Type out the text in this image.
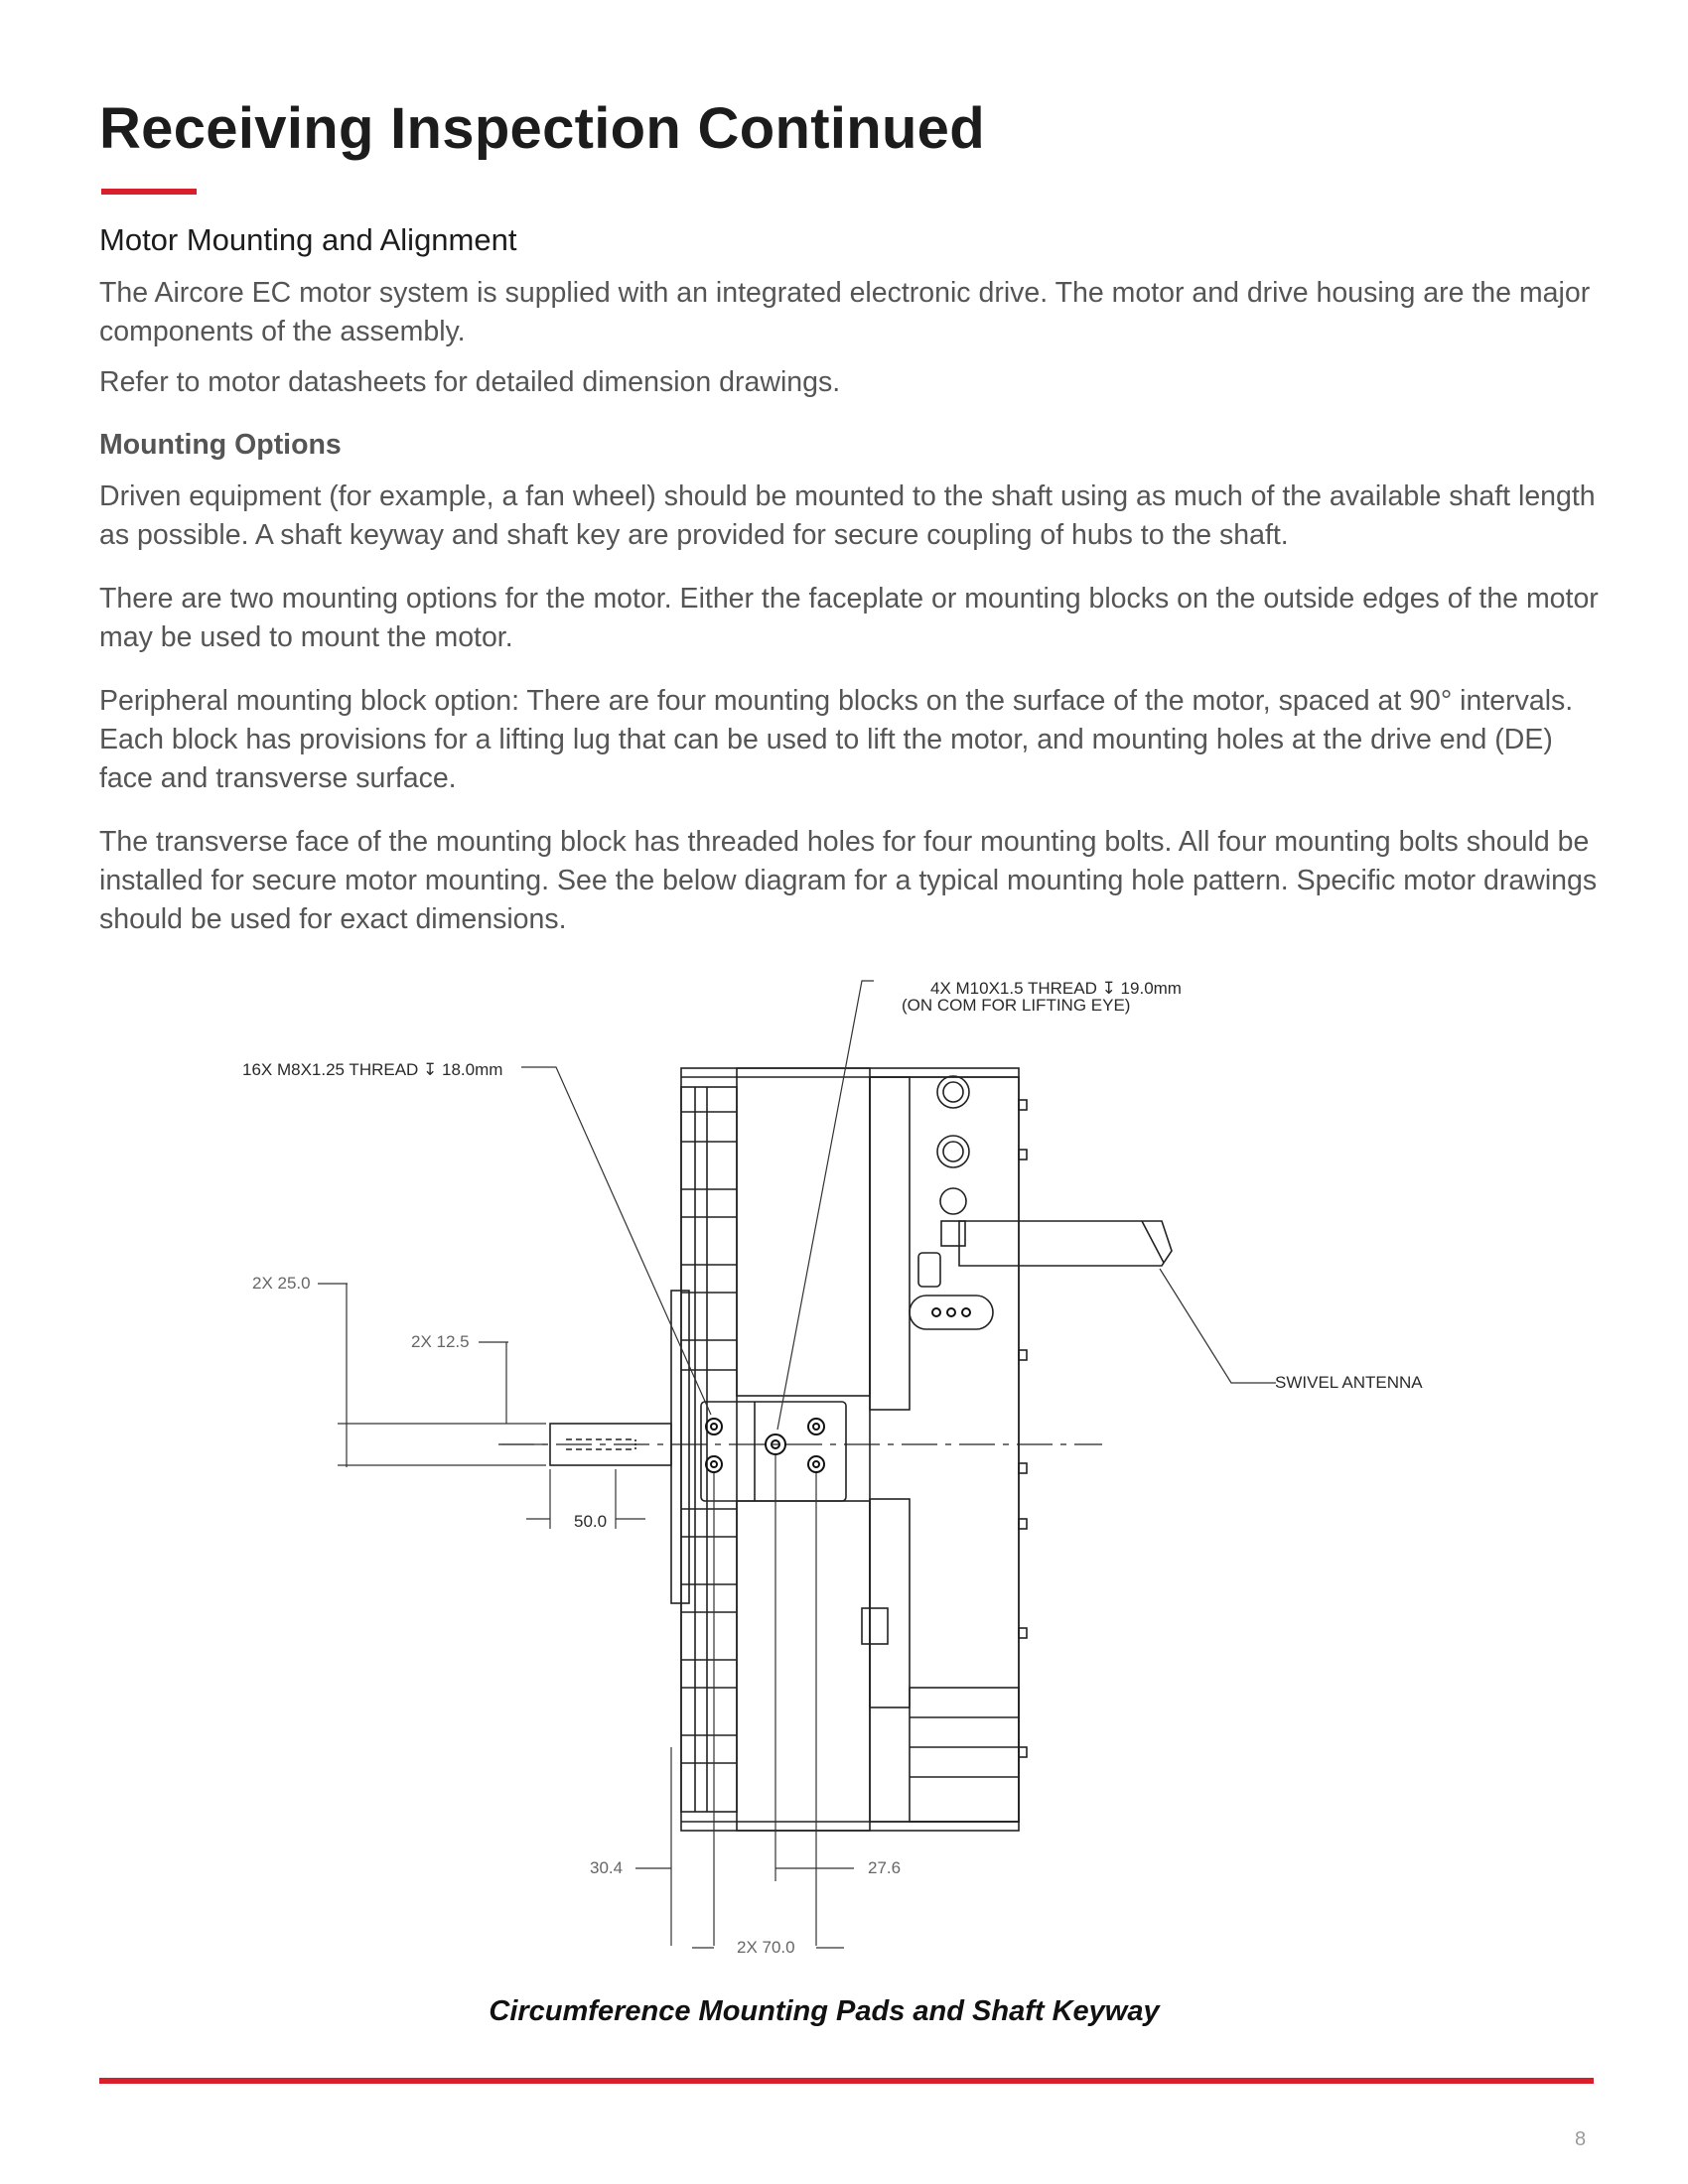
Receiving Inspection Continued
Motor Mounting and Alignment

The Aircore EC motor system is supplied with an integrated electronic drive. The motor and drive housing are the major components of the assembly.

Refer to motor datasheets for detailed dimension drawings.

Mounting Options

Driven equipment (for example, a fan wheel) should be mounted to the shaft using as much of the available shaft length as possible. A shaft keyway and shaft key are provided for secure coupling of hubs to the shaft.

There are two mounting options for the motor. Either the faceplate or mounting blocks on the outside edges of the motor may be used to mount the motor.

Peripheral mounting block option: There are four mounting blocks on the surface of the motor, spaced at 90° intervals. Each block has provisions for a lifting lug that can be used to lift the motor, and mounting holes at the drive end (DE) face and transverse surface.

The transverse face of the mounting block has threaded holes for four mounting bolts. All four mounting bolts should be installed for secure motor mounting. See the below diagram for a typical mounting hole pattern. Specific motor drawings should be used for exact dimensions.

4X M10X1.5 THREAD ↧ 19.0mm
(ON COM FOR LIFTING EYE)
16X M8X1.25 THREAD ↧ 18.0mm
SWIVEL ANTENNA
2X 25.0
2X 12.5
50.0
30.4	27.6
2X 70.0

Circumference Mounting Pads and Shaft Keyway

8
